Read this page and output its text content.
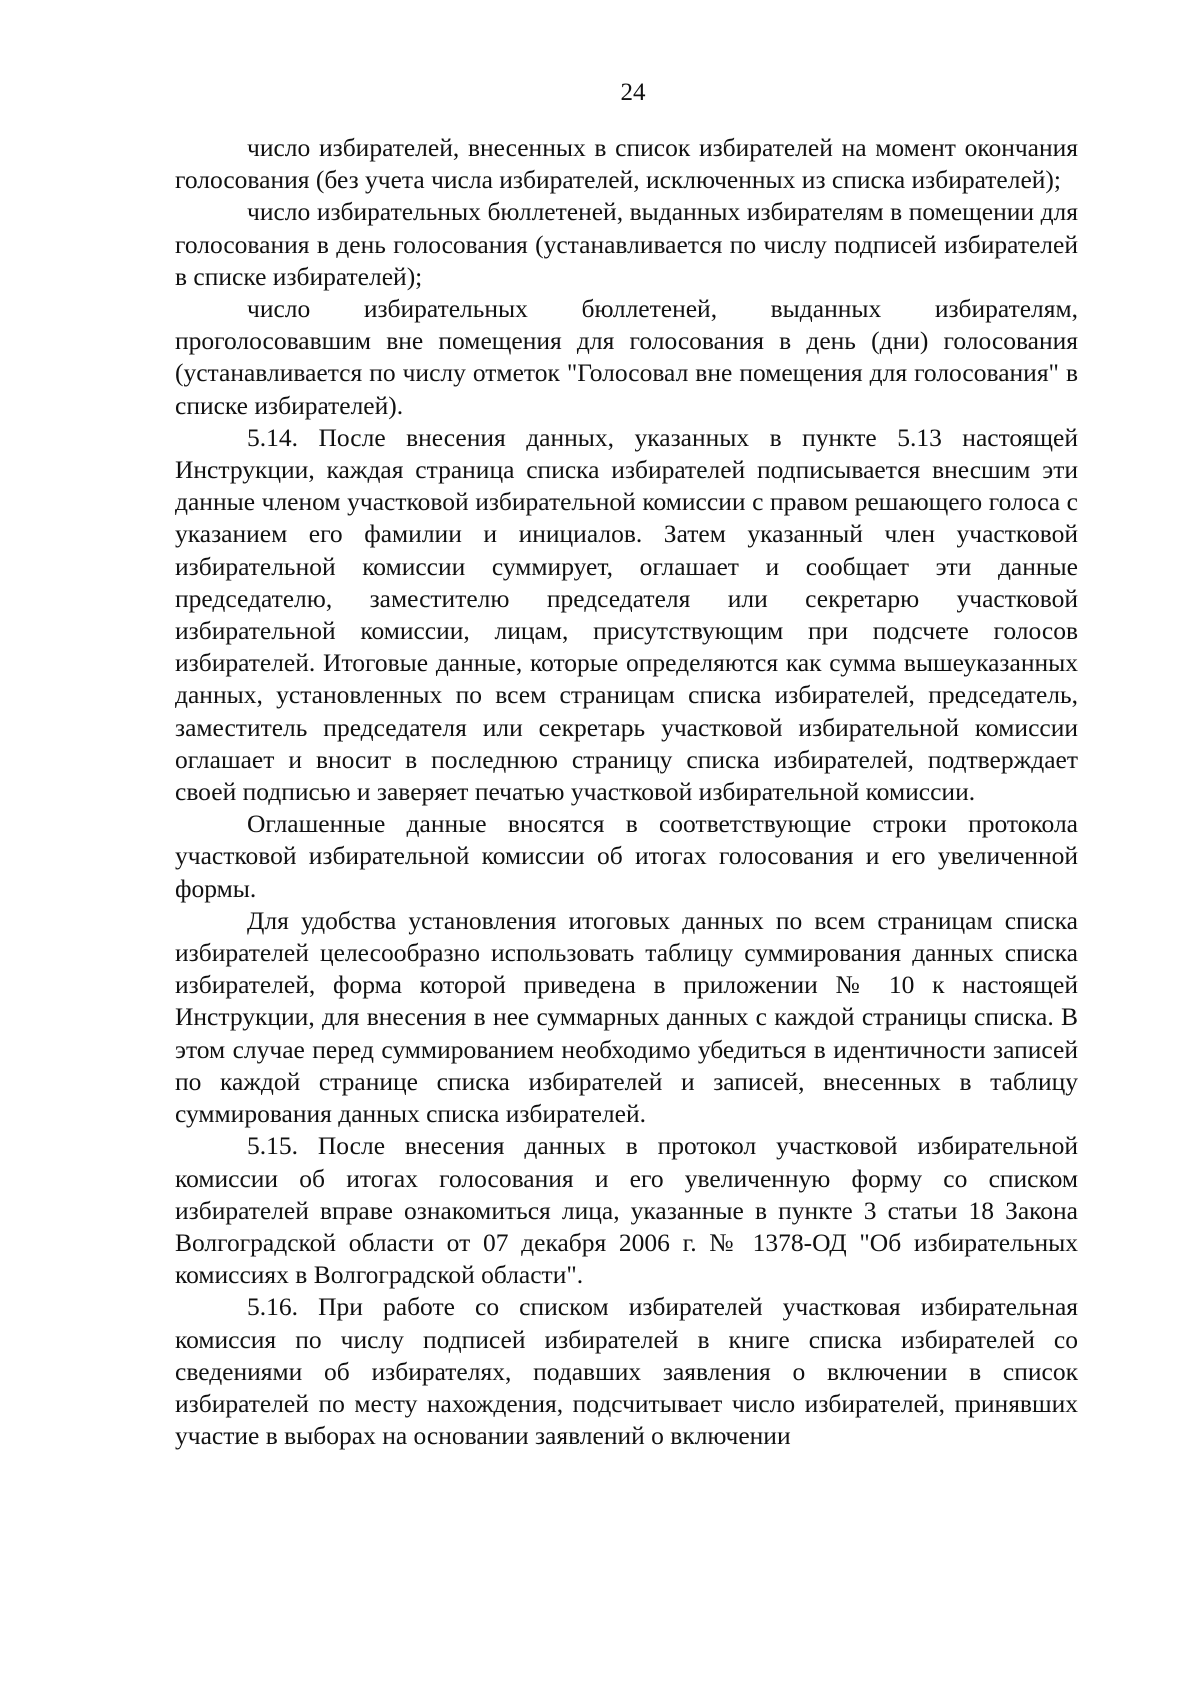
24

число избирателей, внесенных в список избирателей на момент окончания голосования (без учета числа избирателей, исключенных из списка избирателей);

число избирательных бюллетеней, выданных избирателям в помещении для голосования в день голосования (устанавливается по числу подписей избирателей в списке избирателей);

число избирательных бюллетеней, выданных избирателям, проголосовавшим вне помещения для голосования в день (дни) голосования (устанавливается по числу отметок "Голосовал вне помещения для голосования" в списке избирателей).

5.14. После внесения данных, указанных в пункте 5.13 настоящей Инструкции, каждая страница списка избирателей подписывается внесшим эти данные членом участковой избирательной комиссии с правом решающего голоса с указанием его фамилии и инициалов. Затем указанный член участковой избирательной комиссии суммирует, оглашает и сообщает эти данные председателю, заместителю председателя или секретарю участковой избирательной комиссии, лицам, присутствующим при подсчете голосов избирателей. Итоговые данные, которые определяются как сумма вышеуказанных данных, установленных по всем страницам списка избирателей, председатель, заместитель председателя или секретарь участковой избирательной комиссии оглашает и вносит в последнюю страницу списка избирателей, подтверждает своей подписью и заверяет печатью участковой избирательной комиссии.

Оглашенные данные вносятся в соответствующие строки протокола участковой избирательной комиссии об итогах голосования и его увеличенной формы.

Для удобства установления итоговых данных по всем страницам списка избирателей целесообразно использовать таблицу суммирования данных списка избирателей, форма которой приведена в приложении № 10 к настоящей Инструкции, для внесения в нее суммарных данных с каждой страницы списка. В этом случае перед суммированием необходимо убедиться в идентичности записей по каждой странице списка избирателей и записей, внесенных в таблицу суммирования данных списка избирателей.

5.15. После внесения данных в протокол участковой избирательной комиссии об итогах голосования и его увеличенную форму со списком избирателей вправе ознакомиться лица, указанные в пункте 3 статьи 18 Закона Волгоградской области от 07 декабря 2006 г. № 1378-ОД "Об избирательных комиссиях в Волгоградской области".

5.16. При работе со списком избирателей участковая избирательная комиссия по числу подписей избирателей в книге списка избирателей со сведениями об избирателях, подавших заявления о включении в список избирателей по месту нахождения, подсчитывает число избирателей, принявших участие в выборах на основании заявлений о включении
